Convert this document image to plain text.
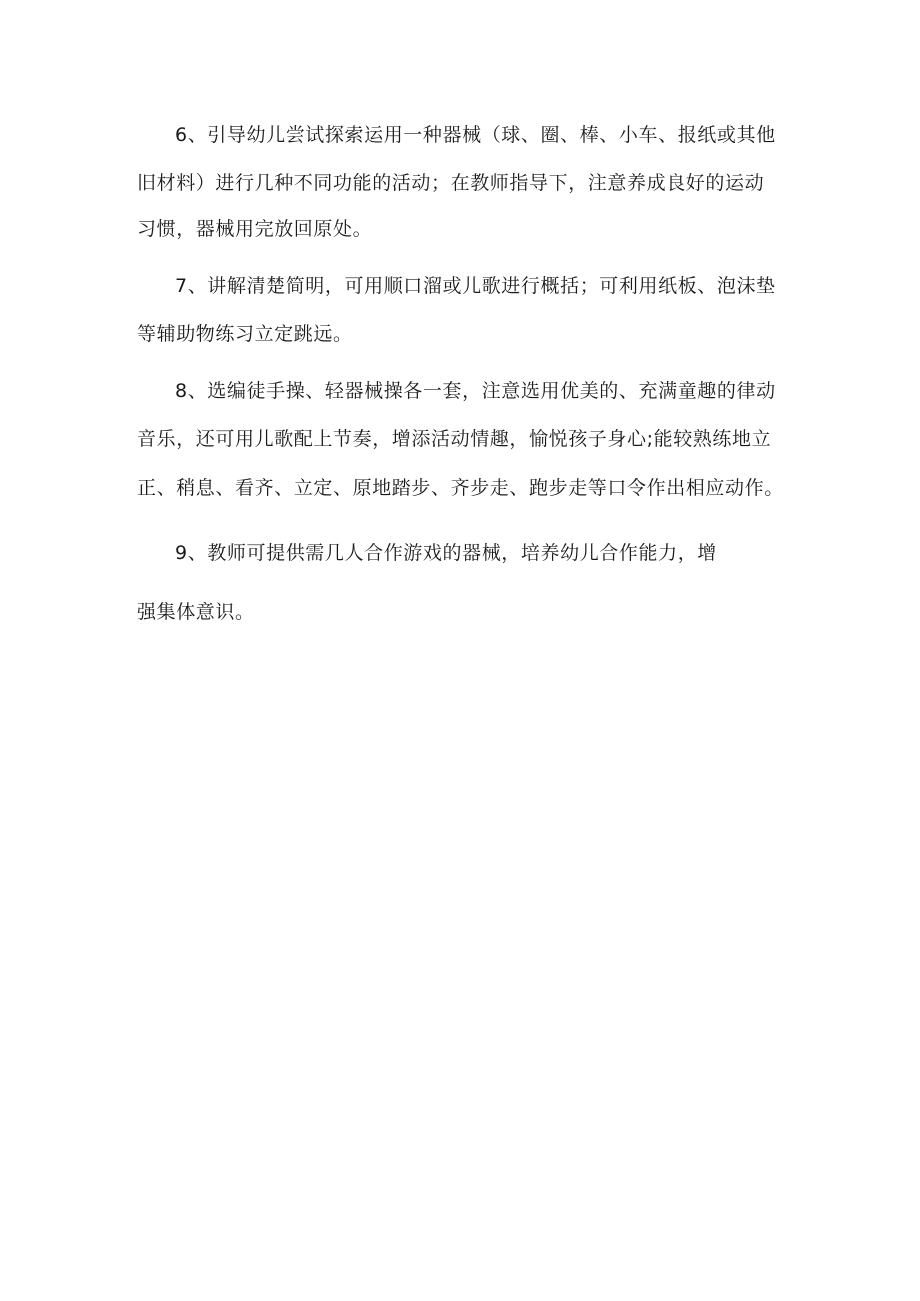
6、引导幼儿尝试探索运用一种器械（球、圈、棒、小车、报纸或其他
旧材料）进行几种不同功能的活动；在教师指导下，注意养成良好的运动
习惯，器械用完放回原处。
7、讲解清楚简明，可用顺口溜或儿歌进行概括；可利用纸板、泡沫垫
等辅助物练习立定跳远。
8、选编徒手操、轻器械操各一套，注意选用优美的、充满童趣的律动
音乐，还可用儿歌配上节奏，增添活动情趣，愉悦孩子身心;能较熟练地立
正、稍息、看齐、立定、原地踏步、齐步走、跑步走等口令作出相应动作。
9、教师可提供需几人合作游戏的器械，培养幼儿合作能力，增
强集体意识。
